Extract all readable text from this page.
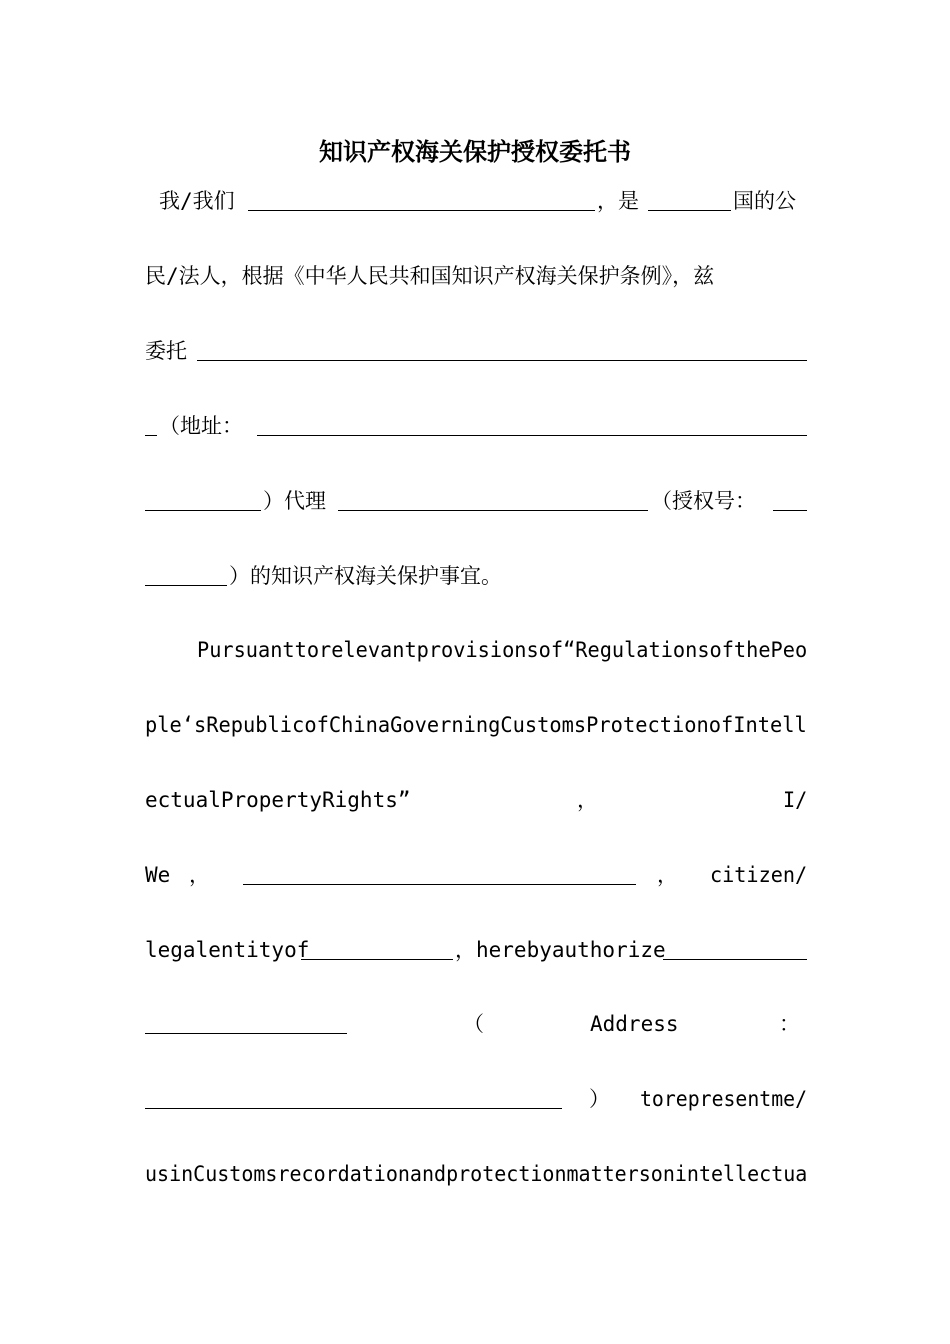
知识产权海关保护授权委托书

我/我们

	，是

	国的公

民/法人，根据《中华人民共和国知识产权海关保护条例》，兹

委托

（地址：

）代理

	（授权号：

）的知识产权海关保护事宜。

Pursuanttorelevantprovisionsof“RegulationsofthePeo

ple‘sRepublicofChinaGoverningCustomsProtectionofIntell

ectualPropertyRights”

	，

	I/

We

，

	，

citizen/

legalentityof

	，herebyauthorize

（

	Address

	：

）

torepresentme/

usinCustomsrecordationandprotectionmattersonintellectua
